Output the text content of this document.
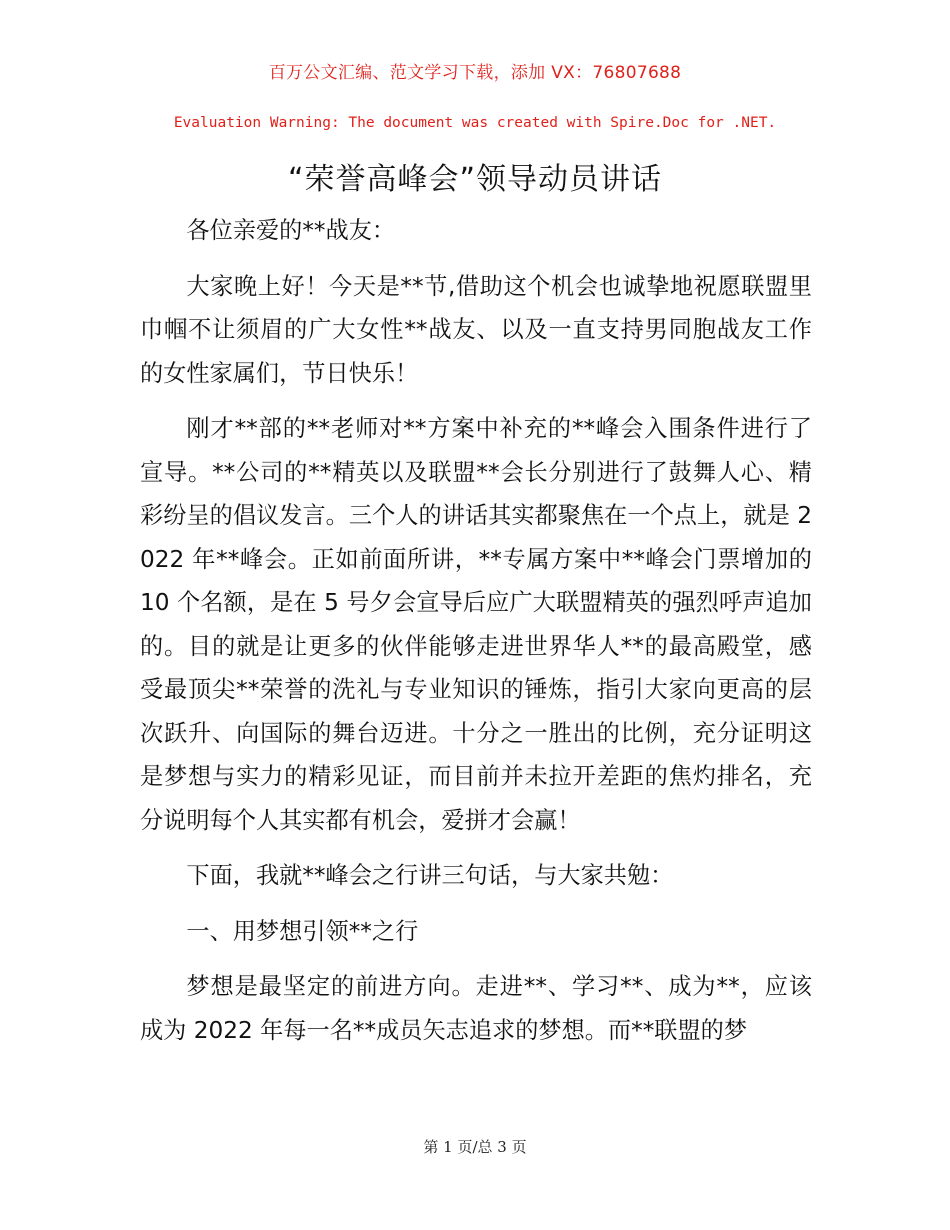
百万公文汇编、范文学习下载，添加 VX：76807688
Evaluation Warning: The document was created with Spire.Doc for .NET.
“荣誉高峰会”领导动员讲话

各位亲爱的**战友：

大家晚上好！今天是**节,借助这个机会也诚挚地祝愿联盟里巾帼不让须眉的广大女性**战友、以及一直支持男同胞战友工作的女性家属们，节日快乐！

刚才**部的**老师对**方案中补充的**峰会入围条件进行了宣导。**公司的**精英以及联盟**会长分别进行了鼓舞人心、精彩纷呈的倡议发言。三个人的讲话其实都聚焦在一个点上，就是 2022 年**峰会。正如前面所讲，**专属方案中**峰会门票增加的 10 个名额，是在 5 号夕会宣导后应广大联盟精英的强烈呼声追加的。目的就是让更多的伙伴能够走进世界华人**的最高殿堂，感受最顶尖**荣誉的洗礼与专业知识的锤炼，指引大家向更高的层次跃升、向国际的舞台迈进。十分之一胜出的比例，充分证明这是梦想与实力的精彩见证，而目前并未拉开差距的焦灼排名，充分说明每个人其实都有机会，爱拼才会赢！

下面，我就**峰会之行讲三句话，与大家共勉：

一、用梦想引领**之行

梦想是最坚定的前进方向。走进**、学习**、成为**，应该成为 2022 年每一名**成员矢志追求的梦想。而**联盟的梦

第 1 页/总 3 页
